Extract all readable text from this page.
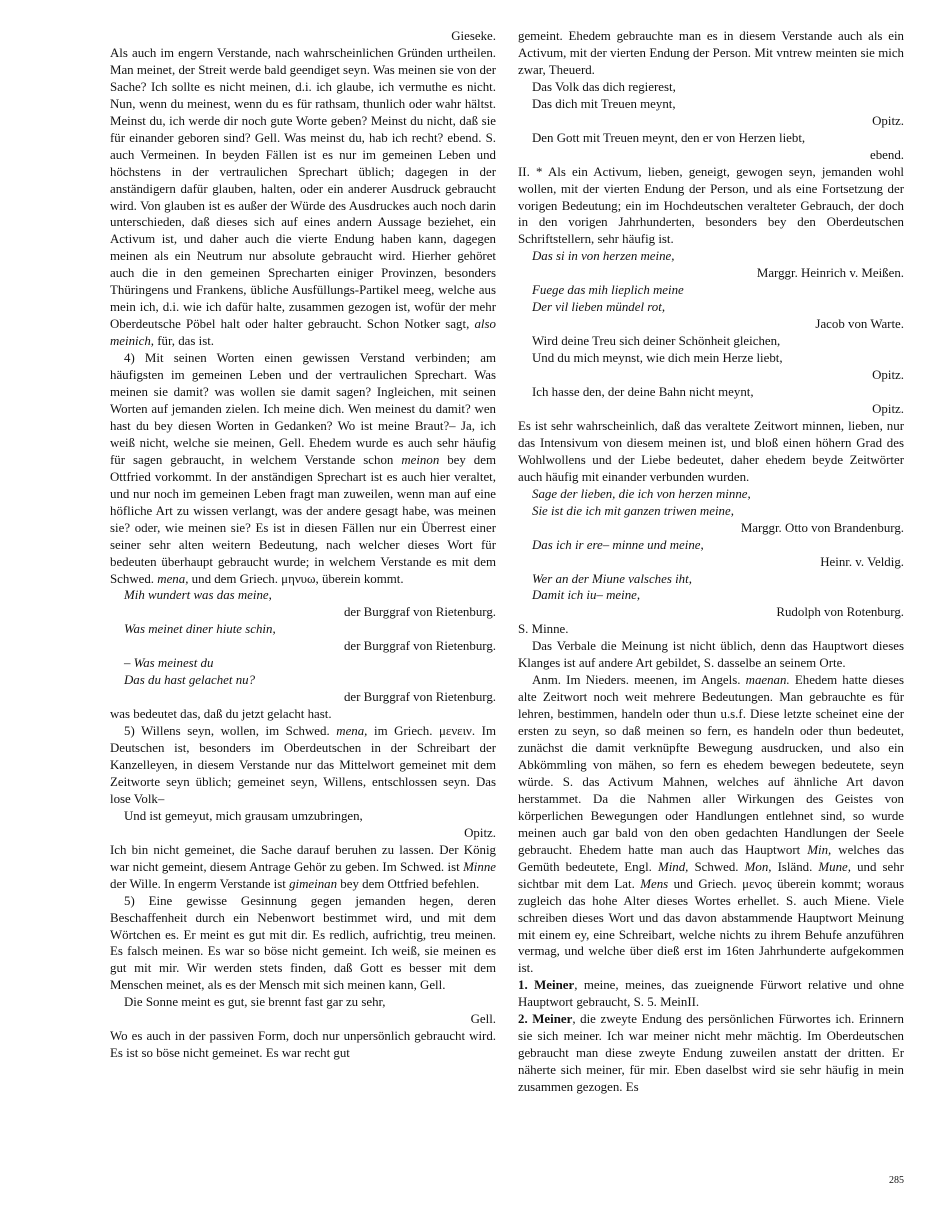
Gieseke.

Als auch im engern Verstande, nach wahrscheinlichen Gründen urtheilen. Man meinet, der Streit werde bald geendiget seyn. Was meinen sie von der Sache? Ich sollte es nicht meinen, d.i. ich glaube, ich vermuthe es nicht. Nun, wenn du meinest, wenn du es für rathsam, thunlich oder wahr hältst. Meinst du, ich werde dir noch gute Worte geben? Meinst du nicht, daß sie für einander geboren sind? Gell. Was meinst du, hab ich recht? ebend. S. auch Vermeinen. In beyden Fällen ist es nur im gemeinen Leben und höchstens in der vertraulichen Sprechart üblich; dagegen in der anständigern dafür glauben, halten, oder ein anderer Ausdruck gebraucht wird. Von glauben ist es außer der Würde des Ausdruckes auch noch darin unterschieden, daß dieses sich auf eines andern Aussage beziehet, ein Activum ist, und daher auch die vierte Endung haben kann, dagegen meinen als ein Neutrum nur absolute gebraucht wird. Hierher gehöret auch die in den gemeinen Sprecharten einiger Provinzen, besonders Thüringens und Frankens, übliche Ausfüllungs-Partikel meeg, welche aus mein ich, d.i. wie ich dafür halte, zusammen gezogen ist, wofür der mehr Oberdeutsche Pöbel halt oder halter gebraucht. Schon Notker sagt, also meinich, für, das ist.

4) Mit seinen Worten einen gewissen Verstand verbinden; am häufigsten im gemeinen Leben und der vertraulichen Sprechart. Was meinen sie damit? was wollen sie damit sagen? Ingleichen, mit seinen Worten auf jemanden zielen. Ich meine dich. Wen meinest du damit? wen hast du bey diesen Worten in Gedanken? Wo ist meine Braut?– Ja, ich weiß nicht, welche sie meinen, Gell. Ehedem wurde es auch sehr häufig für sagen gebraucht, in welchem Verstande schon meinon bey dem Ottfried vorkommt. In der anständigen Sprechart ist es auch hier veraltet, und nur noch im gemeinen Leben fragt man zuweilen, wenn man auf eine höfliche Art zu wissen verlangt, was der andere gesagt habe, was meinen sie? oder, wie meinen sie? Es ist in diesen Fällen nur ein Überrest einer seiner sehr alten weitern Bedeutung, nach welcher dieses Wort für bedeuten überhaupt gebraucht wurde; in welchem Verstande es mit dem Schwed. mena, und dem Griech. μηνυω, überein kommt.

Mih wundert was das meine,

der Burggraf von Rietenburg.

Was meinet diner hiute schin,

der Burggraf von Rietenburg.

– Was meinest du

Das du hast gelachet nu?

der Burggraf von Rietenburg.

was bedeutet das, daß du jetzt gelacht hast.

5) Willens seyn, wollen, im Schwed. mena, im Griech. μενειν. Im Deutschen ist, besonders im Oberdeutschen in der Schreibart der Kanzelleyen, in diesem Verstande nur das Mittelwort gemeinet mit dem Zeitworte seyn üblich; gemeinet seyn, Willens, entschlossen seyn. Das lose Volk–

Und ist gemeyut, mich grausam umzubringen,

Opitz.

Ich bin nicht gemeinet, die Sache darauf beruhen zu lassen. Der König war nicht gemeint, diesem Antrage Gehör zu geben. Im Schwed. ist Minne der Wille. In engerm Verstande ist gimeinan bey dem Ottfried befehlen.

5) Eine gewisse Gesinnung gegen jemanden hegen, deren Beschaffenheit durch ein Nebenwort bestimmet wird, und mit dem Wörtchen es. Er meint es gut mit dir. Es redlich, aufrichtig, treu meinen. Es falsch meinen. Es war so böse nicht gemeint. Ich weiß, sie meinen es gut mit mir. Wir werden stets finden, daß Gott es besser mit dem Menschen meinet, als es der Mensch mit sich meinen kann, Gell.

Die Sonne meint es gut, sie brennt fast gar zu sehr,

Gell.

Wo es auch in der passiven Form, doch nur unpersönlich gebraucht wird. Es ist so böse nicht gemeinet. Es war recht gut

gemeint. Ehedem gebrauchte man es in diesem Verstande auch als ein Activum, mit der vierten Endung der Person. Mit vntrew meinten sie mich zwar, Theuerd.

Das Volk das dich regierest,

Das dich mit Treuen meynt,

Opitz.

Den Gott mit Treuen meynt, den er von Herzen liebt,

ebend.

II. * Als ein Activum, lieben, geneigt, gewogen seyn, jemanden wohl wollen, mit der vierten Endung der Person, und als eine Fortsetzung der vorigen Bedeutung; ein im Hochdeutschen veralteter Gebrauch, der doch in den vorigen Jahrhunderten, besonders bey den Oberdeutschen Schriftstellern, sehr häufig ist.

Das si in von herzen meine,

Marggr. Heinrich v. Meißen.

Fuege das mih lieplich meine

Der vil lieben mündel rot,

Jacob von Warte.

Wird deine Treu sich deiner Schönheit gleichen,

Und du mich meynst, wie dich mein Herze liebt,

Opitz.

Ich hasse den, der deine Bahn nicht meynt,

Opitz.

Es ist sehr wahrscheinlich, daß das veraltete Zeitwort minnen, lieben, nur das Intensivum von diesem meinen ist, und bloß einen höhern Grad des Wohlwollens und der Liebe bedeutet, daher ehedem beyde Zeitwörter auch häufig mit einander verbunden wurden.

Sage der lieben, die ich von herzen minne,

Sie ist die ich mit ganzen triwen meine,

Marggr. Otto von Brandenburg.

Das ich ir ere– minne und meine,

Heinr. v. Veldig.

Wer an der Miune valsches iht,

Damit ich iu– meine,

Rudolph von Rotenburg.

S. Minne.

Das Verbale die Meinung ist nicht üblich, denn das Hauptwort dieses Klanges ist auf andere Art gebildet, S. dasselbe an seinem Orte.

Anm. Im Nieders. meenen, im Angels. maenan. Ehedem hatte dieses alte Zeitwort noch weit mehrere Bedeutungen. Man gebrauchte es für lehren, bestimmen, handeln oder thun u.s.f. Diese letzte scheinet eine der ersten zu seyn, so daß meinen so fern, es handeln oder thun bedeutet, zunächst die damit verknüpfte Bewegung ausdrucken, und also ein Abkömmling von mähen, so fern es ehedem bewegen bedeutete, seyn würde. S. das Activum Mahnen, welches auf ähnliche Art davon herstammet. Da die Nahmen aller Wirkungen des Geistes von körperlichen Bewegungen oder Handlungen entlehnet sind, so wurde meinen auch gar bald von den oben gedachten Handlungen der Seele gebraucht. Ehedem hatte man auch das Hauptwort Min, welches das Gemüth bedeutete, Engl. Mind, Schwed. Mon, Isländ. Mune, und sehr sichtbar mit dem Lat. Mens und Griech. μενος überein kommt; woraus zugleich das hohe Alter dieses Wortes erhellet. S. auch Miene. Viele schreiben dieses Wort und das davon abstammende Hauptwort Meinung mit einem ey, eine Schreibart, welche nichts zu ihrem Behufe anzuführen vermag, und welche über dieß erst im 16ten Jahrhunderte aufgekommen ist.

1. Meiner, meine, meines, das zueignende Fürwort relative und ohne Hauptwort gebraucht, S. 5. MeinII.

2. Meiner, die zweyte Endung des persönlichen Fürwortes ich. Erinnern sie sich meiner. Ich war meiner nicht mehr mächtig. Im Oberdeutschen gebraucht man diese zweyte Endung zuweilen anstatt der dritten. Er näherte sich meiner, für mir. Eben daselbst wird sie sehr häufig in mein zusammen gezogen. Es

285
